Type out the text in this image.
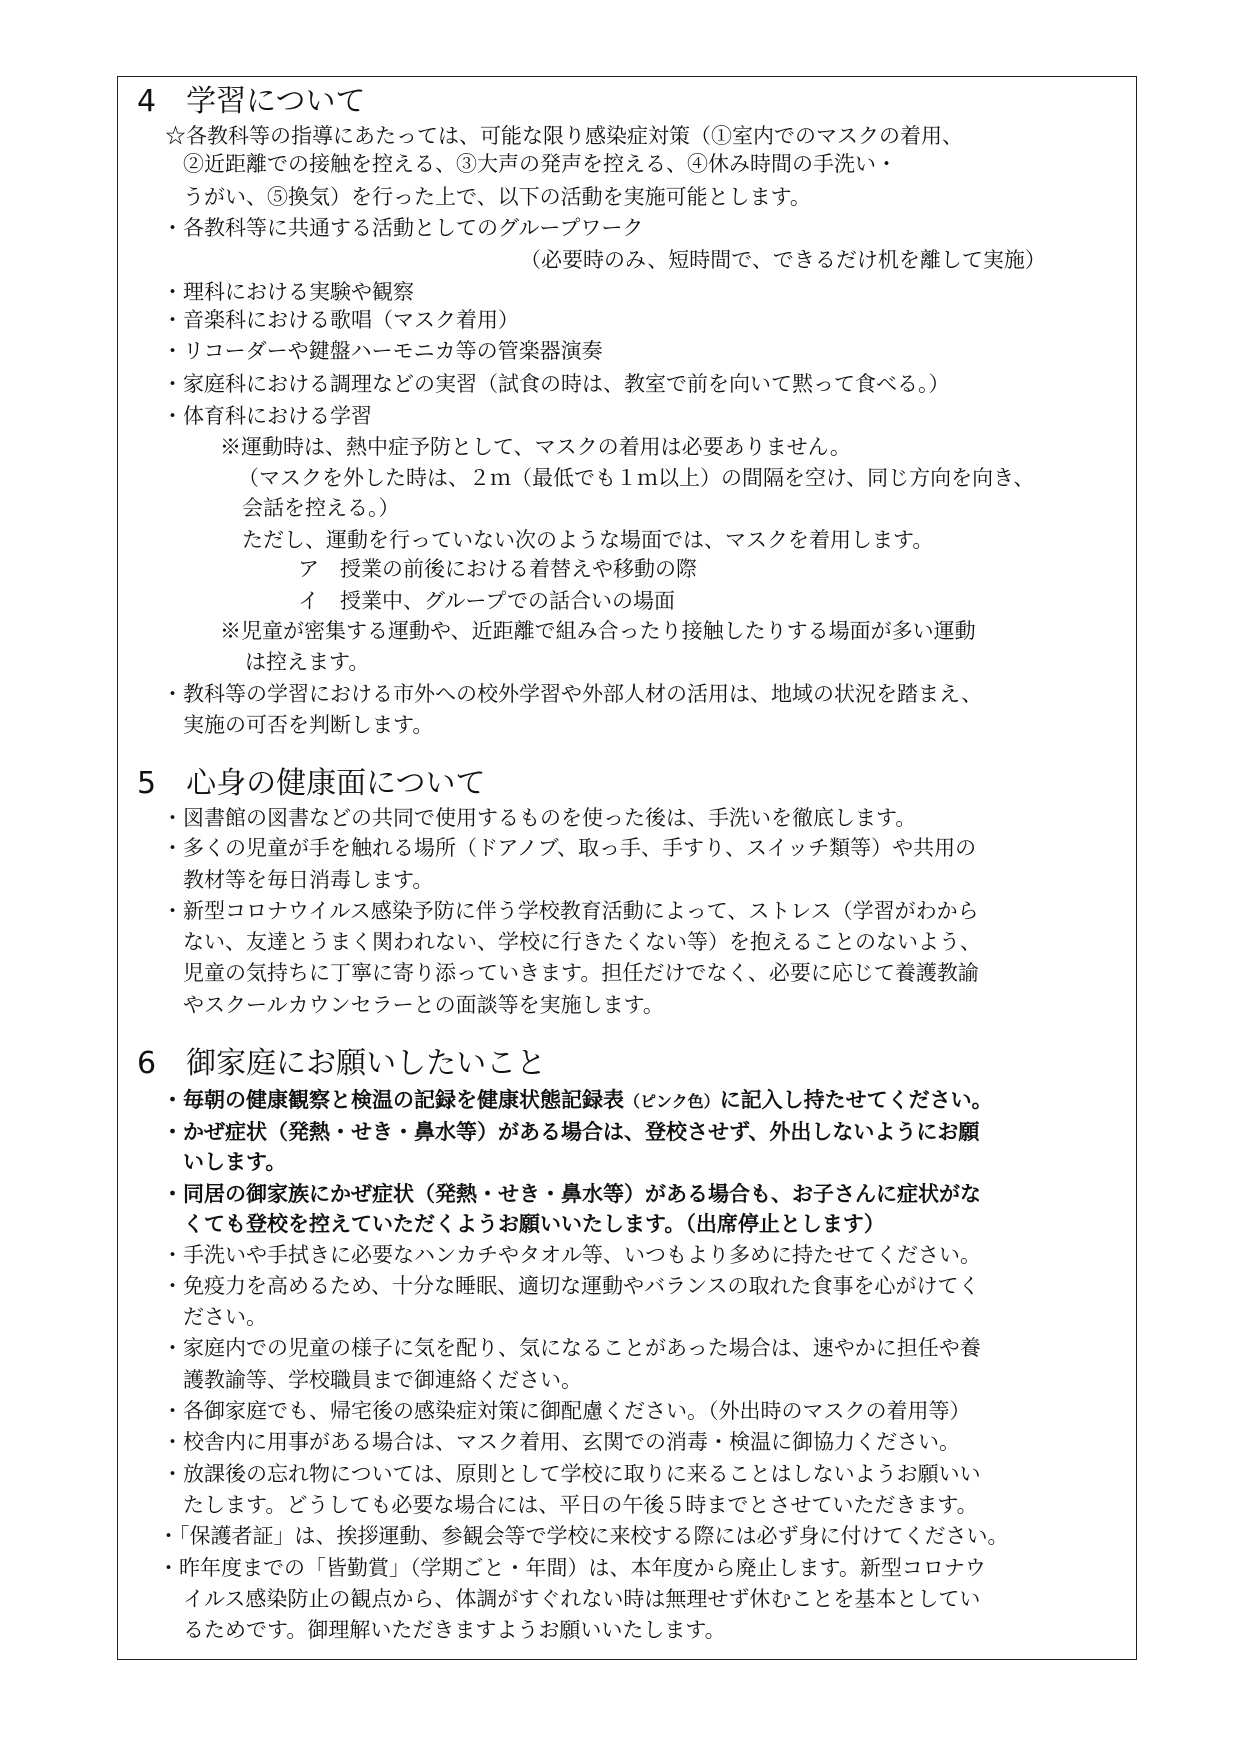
4　学習について
☆各教科等の指導にあたっては、可能な限り感染症対策（①室内でのマスクの着用、
②近距離での接触を控える、③大声の発声を控える、④休み時間の手洗い・
うがい、⑤換気）を行った上で、以下の活動を実施可能とします。
・各教科等に共通する活動としてのグループワーク
（必要時のみ、短時間で、できるだけ机を離して実施）
・理科における実験や観察
・音楽科における歌唱（マスク着用）
・リコーダーや鍵盤ハーモニカ等の管楽器演奏
・家庭科における調理などの実習（試食の時は、教室で前を向いて黙って食べる。）
・体育科における学習
※運動時は、熱中症予防として、マスクの着用は必要ありません。
（マスクを外した時は、２ｍ（最低でも１ｍ以上）の間隔を空け、同じ方向を向き、
会話を控える。）
ただし、運動を行っていない次のような場面では、マスクを着用します。
ア　授業の前後における着替えや移動の際
イ　授業中、グループでの話合いの場面
※児童が密集する運動や、近距離で組み合ったり接触したりする場面が多い運動
は控えます。
・教科等の学習における市外への校外学習や外部人材の活用は、地域の状況を踏まえ、
実施の可否を判断します。
5　心身の健康面について
・図書館の図書などの共同で使用するものを使った後は、手洗いを徹底します。
・多くの児童が手を触れる場所（ドアノブ、取っ手、手すり、スイッチ類等）や共用の
教材等を毎日消毒します。
・新型コロナウイルス感染予防に伴う学校教育活動によって、ストレス（学習がわから
ない、友達とうまく関われない、学校に行きたくない等）を抱えることのないよう、
児童の気持ちに丁寧に寄り添っていきます。担任だけでなく、必要に応じて養護教諭
やスクールカウンセラーとの面談等を実施します。
6　御家庭にお願いしたいこと
・毎朝の健康観察と検温の記録を健康状態記録表（ピンク色）に記入し持たせてください。
・かぜ症状（発熱・せき・鼻水等）がある場合は、登校させず、外出しないようにお願
いします。
・同居の御家族にかぜ症状（発熱・せき・鼻水等）がある場合も、お子さんに症状がな
くても登校を控えていただくようお願いいたします。（出席停止とします）
・手洗いや手拭きに必要なハンカチやタオル等、いつもより多めに持たせてください。
・免疫力を高めるため、十分な睡眠、適切な運動やバランスの取れた食事を心がけてく
ださい。
・家庭内での児童の様子に気を配り、気になることがあった場合は、速やかに担任や養
護教諭等、学校職員まで御連絡ください。
・各御家庭でも、帰宅後の感染症対策に御配慮ください。（外出時のマスクの着用等）
・校舎内に用事がある場合は、マスク着用、玄関での消毒・検温に御協力ください。
・放課後の忘れ物については、原則として学校に取りに来ることはしないようお願いい
たします。どうしても必要な場合には、平日の午後５時までとさせていただきます。
・「保護者証」は、挨拶運動、参観会等で学校に来校する際には必ず身に付けてください。
・昨年度までの「皆勤賞」（学期ごと・年間）は、本年度から廃止します。新型コロナウ
イルス感染防止の観点から、体調がすぐれない時は無理せず休むことを基本としてい
るためです。御理解いただきますようお願いいたします。
